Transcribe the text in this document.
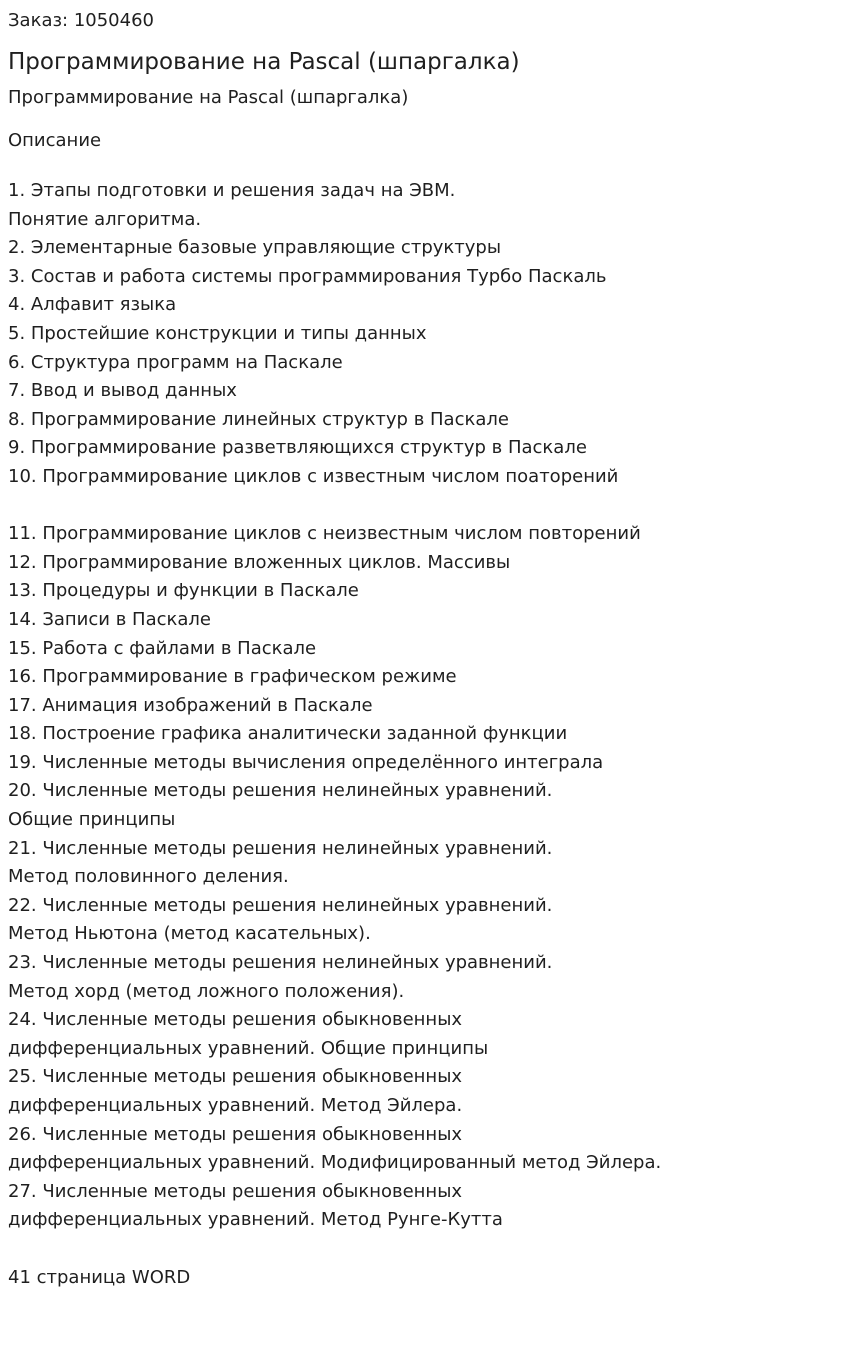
Заказ: 1050460
Программирование на Pascal (шпаргалка)
Программирование на Pascal (шпаргалка)
Описание
1. Этапы подготовки и решения задач на ЭВМ.
Понятие алгоритма.
2. Элементарные базовые управляющие структуры
3. Состав и работа системы программирования Турбо Паскаль
4. Алфавит языка
5. Простейшие конструкции и типы данных
6. Структура программ на Паскале
7. Ввод и вывод данных
8. Программирование линейных структур в Паскале
9. Программирование разветвляющихся структур в Паскале
10. Программирование циклов с известным числом поаторений
11. Программирование циклов с неизвестным числом повторений
12. Программирование вложенных циклов. Массивы
13. Процедуры и функции в Паскале
14. Записи в Паскале
15. Работа с файлами в Паскале
16. Программирование в графическом режиме
17. Анимация изображений в Паскале
18. Построение графика аналитически заданной функции
19. Численные методы вычисления определённого интеграла
20. Численные методы решения нелинейных уравнений.
Общие принципы
21. Численные методы решения нелинейных уравнений.
Метод половинного деления.
22. Численные методы решения нелинейных уравнений.
Метод Ньютона (метод касательных).
23. Численные методы решения нелинейных уравнений.
Метод хорд (метод ложного положения).
24. Численные методы решения обыкновенных
дифференциальных уравнений. Общие принципы
25. Численные методы решения обыкновенных
дифференциальных уравнений. Метод Эйлера.
26. Численные методы решения обыкновенных
дифференциальных уравнений. Модифицированный метод Эйлера.
27. Численные методы решения обыкновенных
дифференциальных уравнений. Метод Рунге-Кутта
41 страница WORD
